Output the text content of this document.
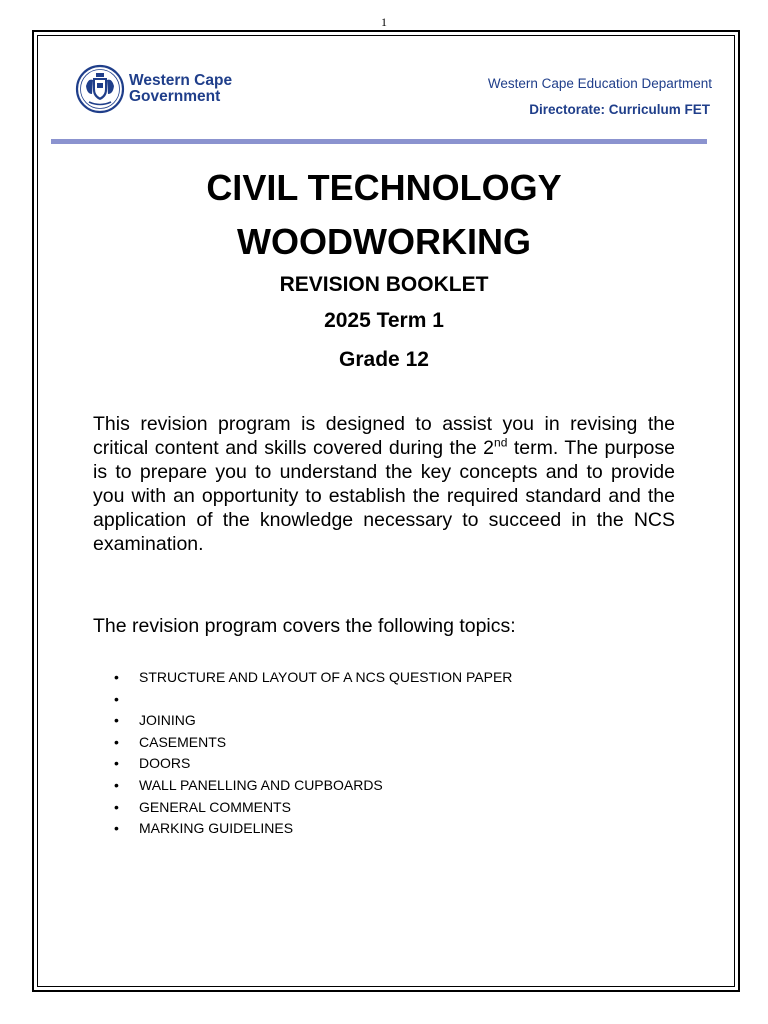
1
Western Cape
Government
Western Cape Education Department
Directorate: Curriculum FET
CIVIL TECHNOLOGY
WOODWORKING
REVISION BOOKLET
2025 Term 1
Grade 12

This revision program is designed to assist you in revising the critical content and skills covered during the 2nd term. The purpose is to prepare you to understand the key concepts and to provide you with an opportunity to establish the required standard and the application of the knowledge necessary to succeed in the NCS examination.

The revision program covers the following topics:
• STRUCTURE AND LAYOUT OF A NCS QUESTION PAPER
•
• JOINING
• CASEMENTS
• DOORS
• WALL PANELLING AND CUPBOARDS
• GENERAL COMMENTS
• MARKING GUIDELINES
